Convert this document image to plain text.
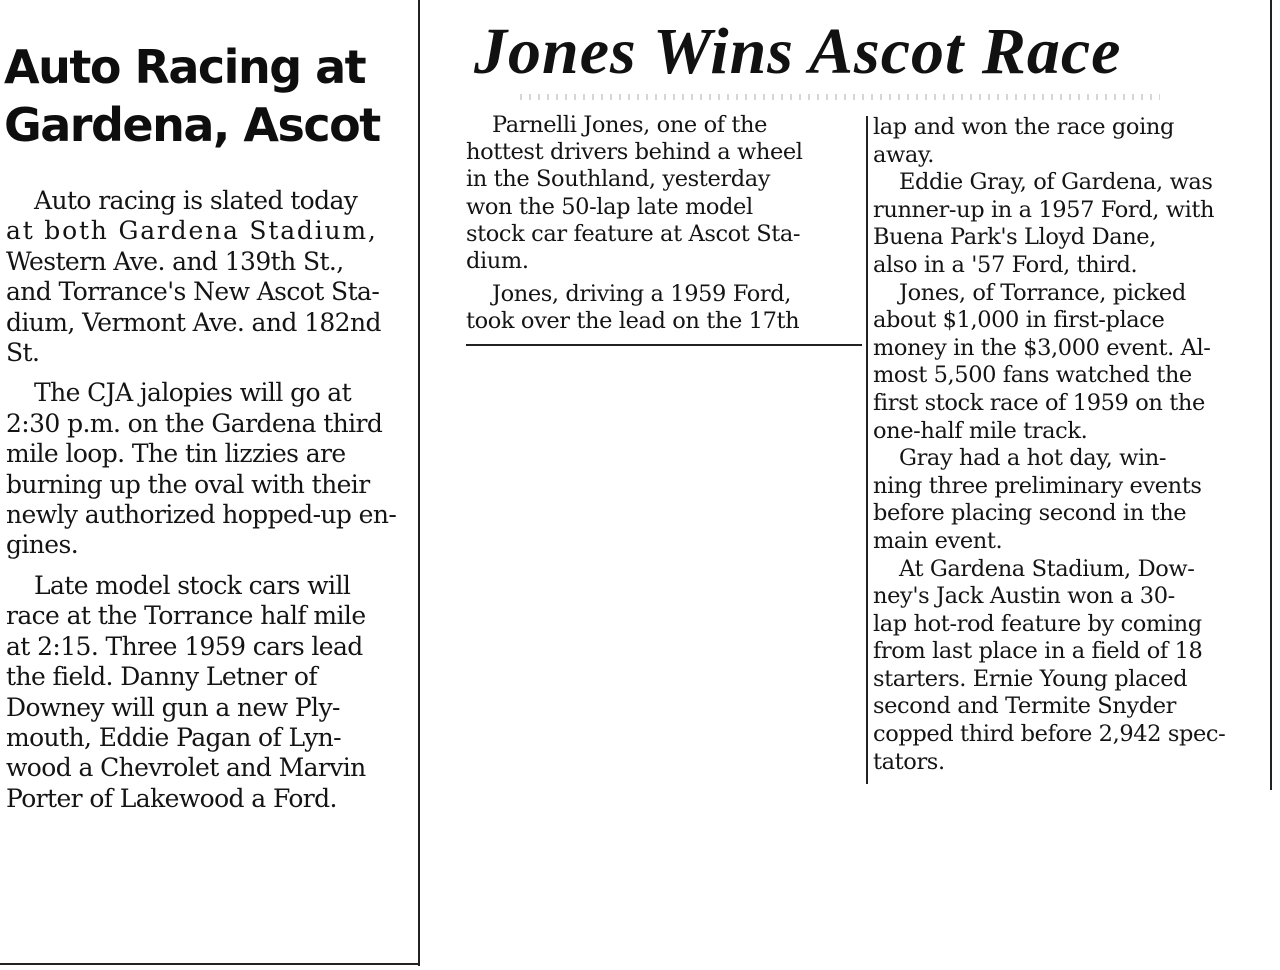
Auto Racing at
Gardena, Ascot
Auto racing is slated today
at both Gardena Stadium,
Western Ave. and 139th St.,
and Torrance's New Ascot Sta-
dium, Vermont Ave. and 182nd
St.
The CJA jalopies will go at
2:30 p.m. on the Gardena third
mile loop. The tin lizzies are
burning up the oval with their
newly authorized hopped-up en-
gines.
Late model stock cars will
race at the Torrance half mile
at 2:15. Three 1959 cars lead
the field. Danny Letner of
Downey will gun a new Ply-
mouth, Eddie Pagan of Lyn-
wood a Chevrolet and Marvin
Porter of Lakewood a Ford.
Jones Wins Ascot Race
Parnelli Jones, one of the
hottest drivers behind a wheel
in the Southland, yesterday
won the 50-lap late model
stock car feature at Ascot Sta-
dium.
Jones, driving a 1959 Ford,
took over the lead on the 17th
lap and won the race going
away.
Eddie Gray, of Gardena, was
runner-up in a 1957 Ford, with
Buena Park's Lloyd Dane,
also in a '57 Ford, third.
Jones, of Torrance, picked
about $1,000 in first-place
money in the $3,000 event. Al-
most 5,500 fans watched the
first stock race of 1959 on the
one-half mile track.
Gray had a hot day, win-
ning three preliminary events
before placing second in the
main event.
At Gardena Stadium, Dow-
ney's Jack Austin won a 30-
lap hot-rod feature by coming
from last place in a field of 18
starters. Ernie Young placed
second and Termite Snyder
copped third before 2,942 spec-
tators.
